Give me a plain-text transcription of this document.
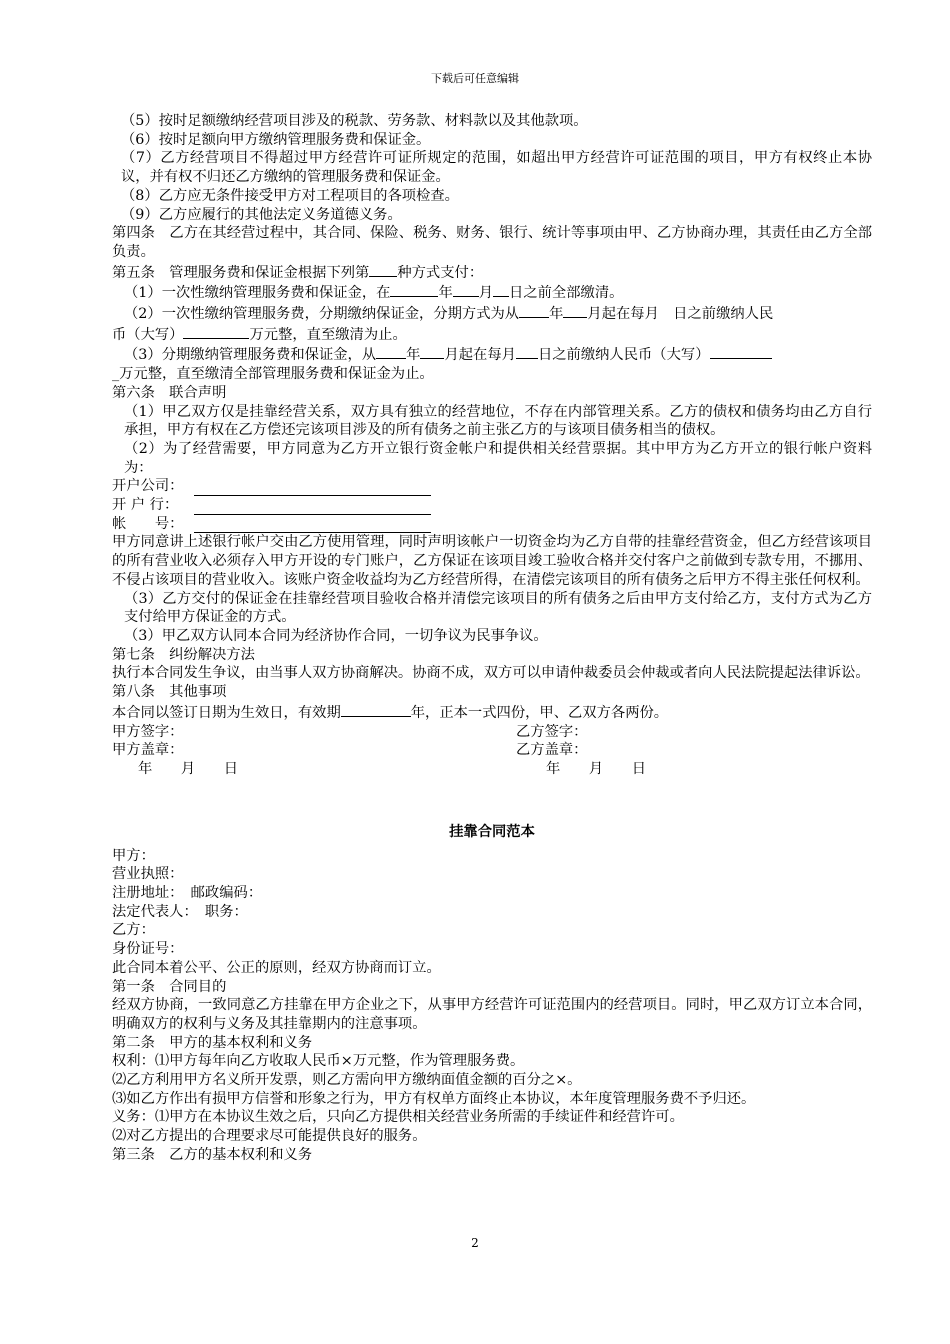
下载后可任意编辑
（5）按时足额缴纳经营项目涉及的税款、劳务款、材料款以及其他款项。
（6）按时足额向甲方缴纳管理服务费和保证金。
（7）乙方经营项目不得超过甲方经营许可证所规定的范围，如超出甲方经营许可证范围的项目，甲方有权终止本协议，并有权不归还乙方缴纳的管理服务费和保证金。
（8）乙方应无条件接受甲方对工程项目的各项检查。
（9）乙方应履行的其他法定义务道德义务。
第四条　乙方在其经营过程中，其合同、保险、税务、财务、银行、统计等事项由甲、乙方协商办理，其责任由乙方全部负责。
第五条　管理服务费和保证金根据下列第 种方式支付：
（1）一次性缴纳管理服务费和保证金，在	年 月 日之前全部缴清。
（2）一次性缴纳管理服务费，分期缴纳保证金，分期方式为从 年 月起在每月　日之前缴纳人民
币（大写）	万元整，直至缴清为止。
（3）分期缴纳管理服务费和保证金，从 年 月起在每月 日之前缴纳人民币（大写）
_万元整，直至缴清全部管理服务费和保证金为止。
第六条　联合声明
（1）甲乙双方仅是挂靠经营关系，双方具有独立的经营地位，不存在内部管理关系。乙方的债权和债务均由乙方自行承担，甲方有权在乙方偿还完该项目涉及的所有债务之前主张乙方的与该项目债务相当的债权。
（2）为了经营需要，甲方同意为乙方开立银行资金帐户和提供相关经营票据。其中甲方为乙方开立的银行帐户资料为：
开户公司：
开 户 行：
帐　　号：
甲方同意讲上述银行帐户交由乙方使用管理，同时声明该帐户一切资金均为乙方自带的挂靠经营资金，但乙方经营该项目的所有营业收入必须存入甲方开设的专门账户，乙方保证在该项目竣工验收合格并交付客户之前做到专款专用，不挪用、不侵占该项目的营业收入。该账户资金收益均为乙方经营所得，在清偿完该项目的所有债务之后甲方不得主张任何权利。
（3）乙方交付的保证金在挂靠经营项目验收合格并清偿完该项目的所有债务之后由甲方支付给乙方，支付方式为乙方支付给甲方保证金的方式。
（3）甲乙双方认同本合同为经济协作合同，一切争议为民事争议。
第七条　纠纷解决方法
执行本合同发生争议，由当事人双方协商解决。协商不成，双方可以申请仲裁委员会仲裁或者向人民法院提起法律诉讼。
第八条　其他事项
本合同以签订日期为生效日，有效期	年，正本一式四份，甲、乙双方各两份。
甲方签字：	乙方签字：
甲方盖章：	乙方盖章：
年　　月　　日	年　　月　　日
挂靠合同范本
甲方：
营业执照：
注册地址：　邮政编码：
法定代表人：　职务：
乙方：
身份证号：
此合同本着公平、公正的原则，经双方协商而订立。
第一条　合同目的
经双方协商，一致同意乙方挂靠在甲方企业之下，从事甲方经营许可证范围内的经营项目。同时，甲乙双方订立本合同，明确双方的权利与义务及其挂靠期内的注意事项。
第二条　甲方的基本权利和义务
权利：⑴甲方每年向乙方收取人民币×万元整，作为管理服务费。
⑵乙方利用甲方名义所开发票，则乙方需向甲方缴纳面值金额的百分之×。
⑶如乙方作出有损甲方信誉和形象之行为，甲方有权单方面终止本协议，本年度管理服务费不予归还。
义务：⑴甲方在本协议生效之后，只向乙方提供相关经营业务所需的手续证件和经营许可。
⑵对乙方提出的合理要求尽可能提供良好的服务。
第三条　乙方的基本权利和义务
2
